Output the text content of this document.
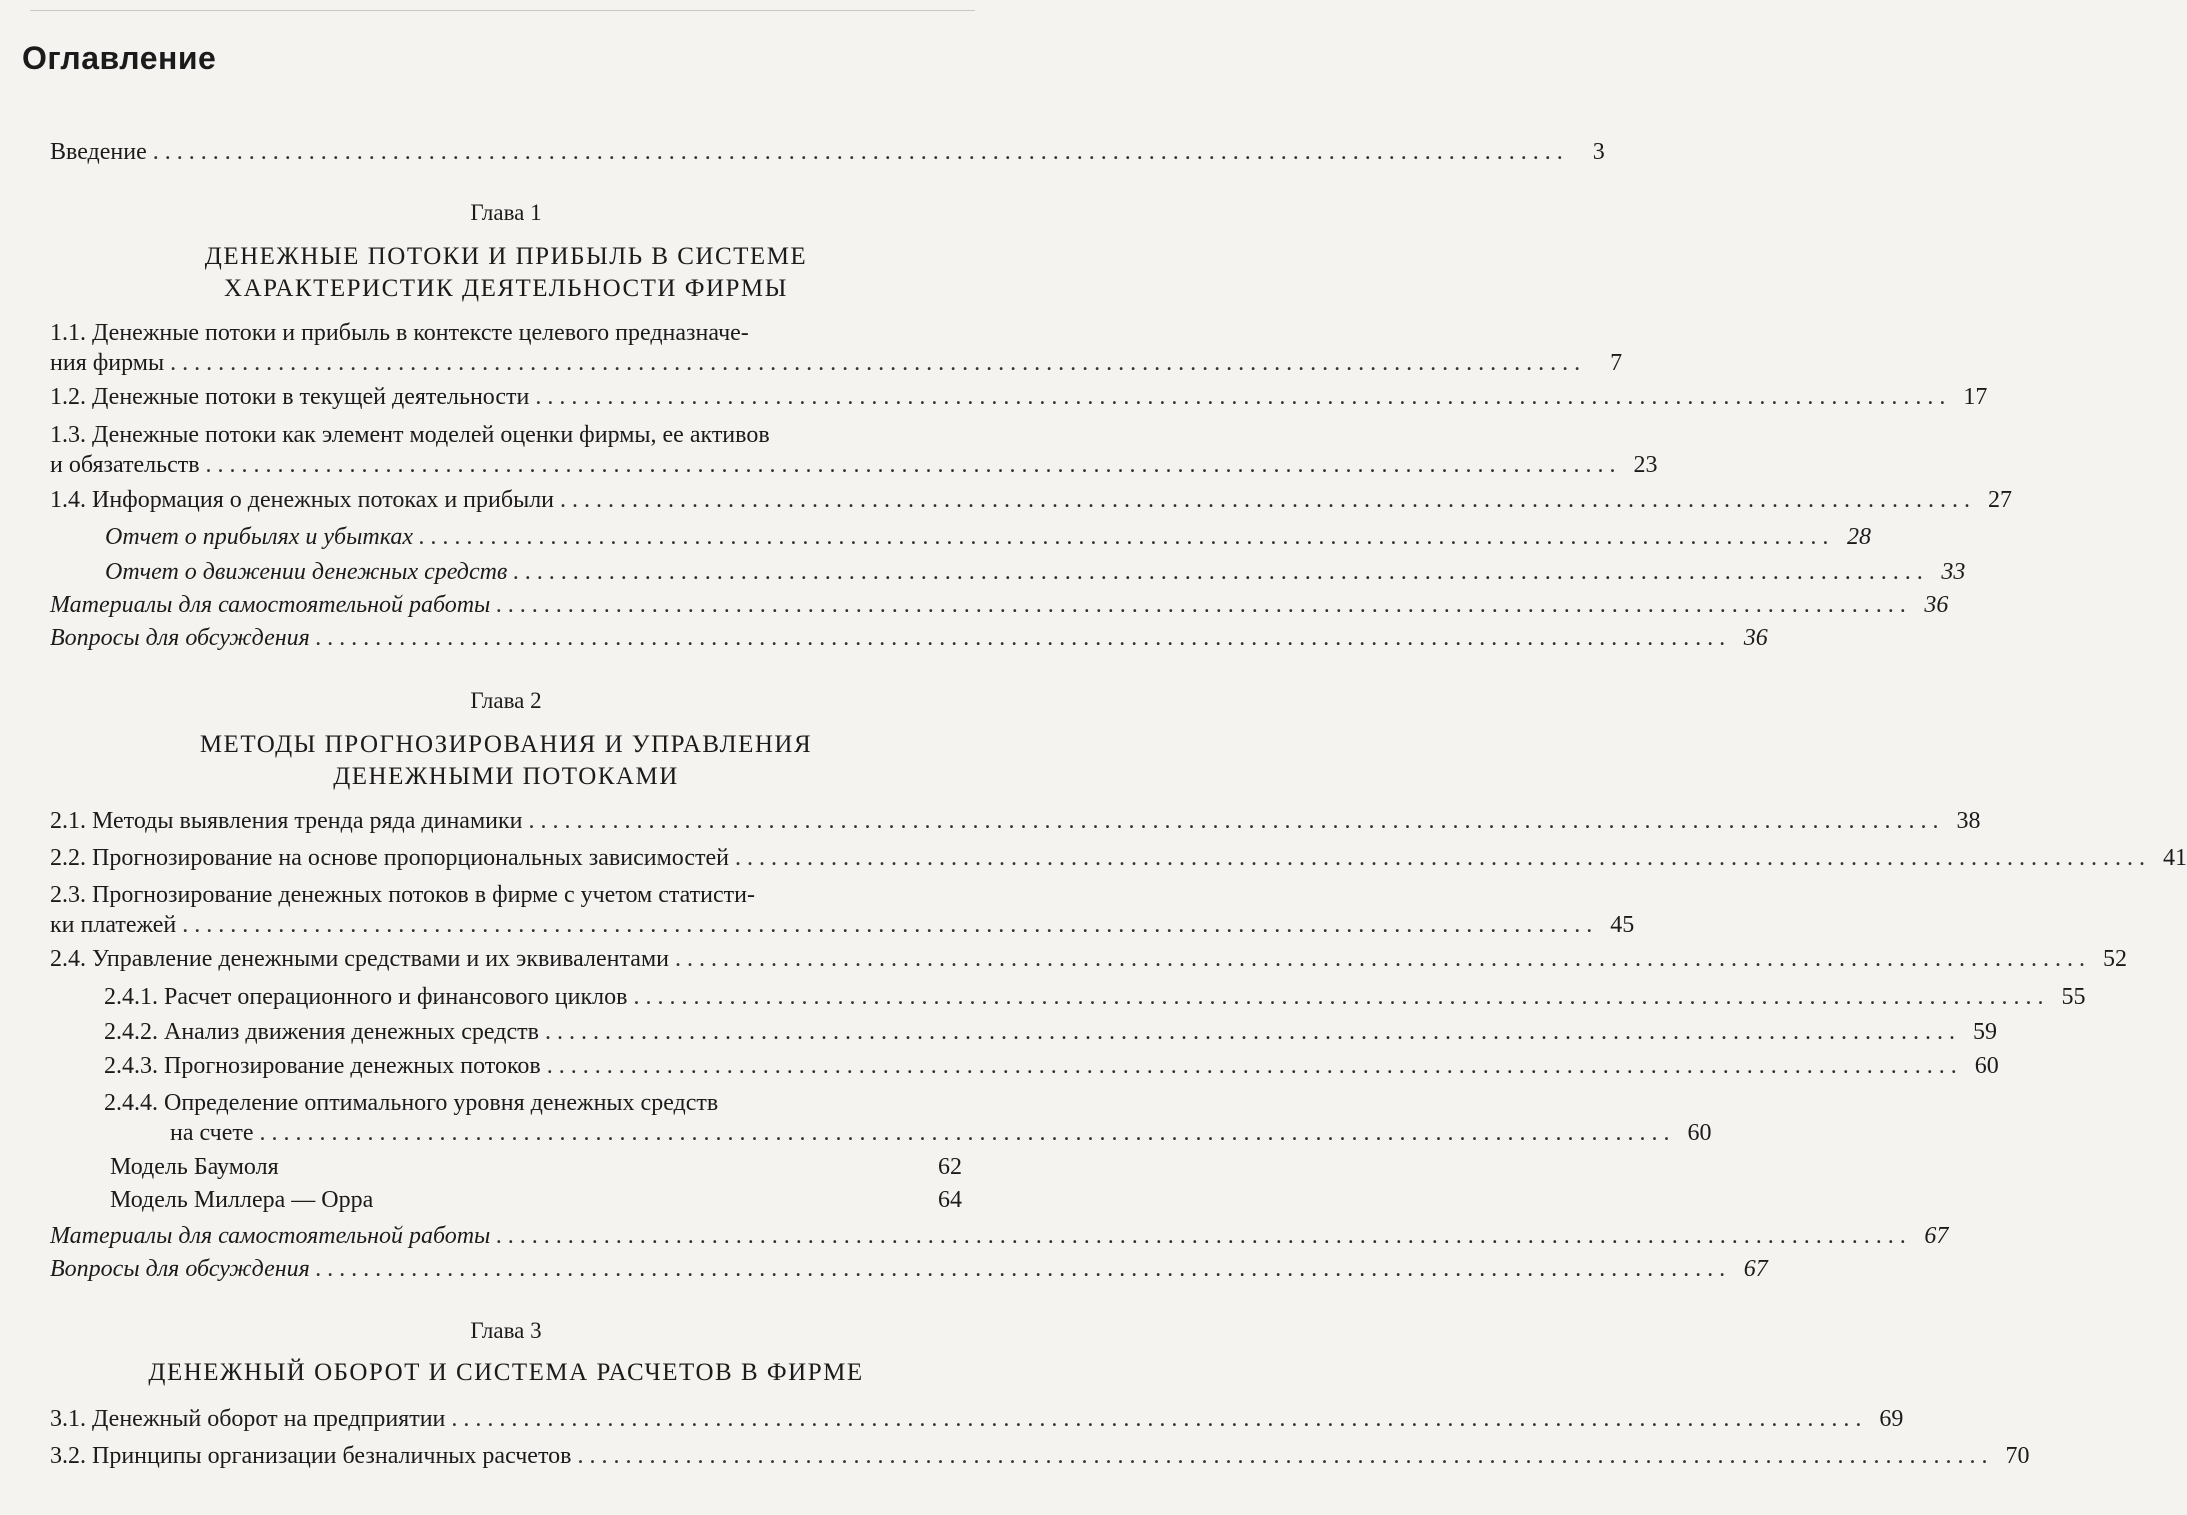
Оглавление
Введение ......................................................................................................................	3
Глава 1
ДЕНЕЖНЫЕ ПОТОКИ И ПРИБЫЛЬ В СИСТЕМЕ
ХАРАКТЕРИСТИК ДЕЯТЕЛЬНОСТИ ФИРМЫ
1.1. Денежные потоки и прибыль в контексте целевого предназначе-
ния фирмы ......................................................................................................................	7
1.2. Денежные потоки в текущей деятельности ...................................................................................................................... 17
1.3. Денежные потоки как элемент моделей оценки фирмы, ее активов
и обязательств ...................................................................................................................... 23
1.4. Информация о денежных потоках и прибыли ...................................................................................................................... 27
Отчет о прибылях и убытках ...................................................................................................................... 28
Отчет о движении денежных средств ...................................................................................................................... 33
Материалы для самостоятельной работы ...................................................................................................................... 36
Вопросы для обсуждения ...................................................................................................................... 36
Глава 2
МЕТОДЫ ПРОГНОЗИРОВАНИЯ И УПРАВЛЕНИЯ
ДЕНЕЖНЫМИ ПОТОКАМИ
2.1. Методы выявления тренда ряда динамики ...................................................................................................................... 38
2.2. Прогнозирование на основе пропорциональных зависимостей ...................................................................................................................... 41
2.3. Прогнозирование денежных потоков в фирме с учетом статисти-
ки платежей ...................................................................................................................... 45
2.4. Управление денежными средствами и их эквивалентами ...................................................................................................................... 52
2.4.1. Расчет операционного и финансового циклов ...................................................................................................................... 55
2.4.2. Анализ движения денежных средств ...................................................................................................................... 59
2.4.3. Прогнозирование денежных потоков ...................................................................................................................... 60
2.4.4. Определение оптимального уровня денежных средств
на счете ...................................................................................................................... 60
Модель Баумоля	62
Модель Миллера — Орра	64
Материалы для самостоятельной работы ...................................................................................................................... 67
Вопросы для обсуждения ...................................................................................................................... 67
Глава 3
ДЕНЕЖНЫЙ ОБОРОТ И СИСТЕМА РАСЧЕТОВ В ФИРМЕ
3.1. Денежный оборот на предприятии ...................................................................................................................... 69
3.2. Принципы организации безналичных расчетов ...................................................................................................................... 70
